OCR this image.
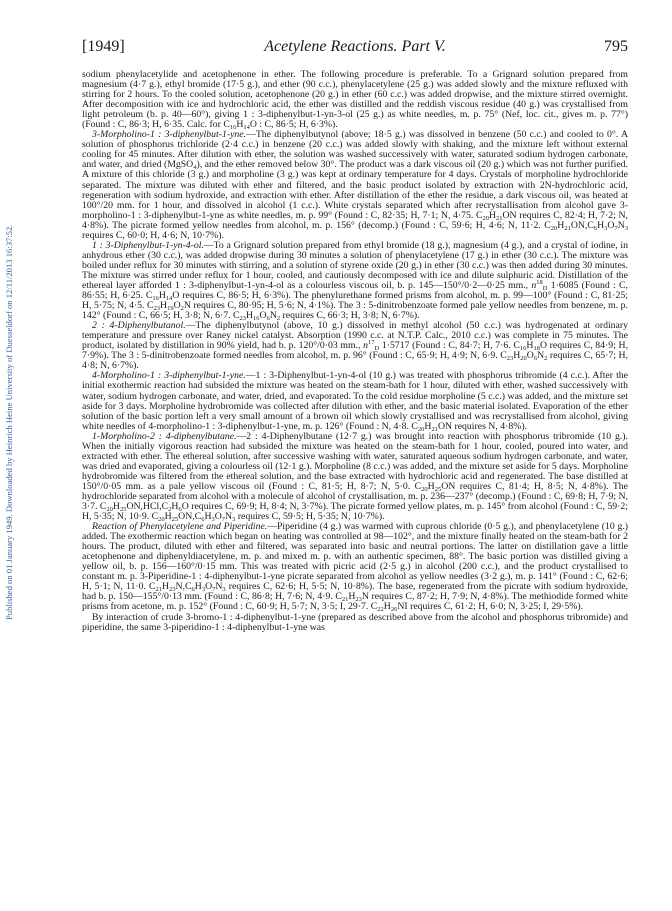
Published on 01 January 1949. Downloaded by Heinrich Heine University of Duesseldorf on 12/11/2013 16:37:52.
[1949]	Acetylene Reactions. Part V.	795

sodium phenylacetylide and acetophenone in ether. The following procedure is preferable. To a Grignard solution prepared from magnesium (4·7 g.), ethyl bromide (17·5 g.), and ether (90 c.c.), phenylacetylene (25 g.) was added slowly and the mixture refluxed with stirring for 2 hours. To the cooled solution, acetophenone (20 g.) in ether (60 c.c.) was added dropwise, and the mixture stirred overnight. After decomposition with ice and hydrochloric acid, the ether was distilled and the reddish viscous residue (40 g.) was crystallised from light petroleum (b. p. 40—60°), giving 1 : 3-diphenylbut-1-yn-3-ol (25 g.) as white needles, m. p. 75° (Nef, loc. cit., gives m. p. 77°) (Found : C, 86·3; H, 6·35. Calc. for $C_{16}H_{14}O$ : C, 86·5; H, 6·3%).

3-Morpholino-1 : 3-diphenylbut-1-yne.—The diphenylbutynol (above; 18·5 g.) was dissolved in benzene (50 c.c.) and cooled to 0°. A solution of phosphorus trichloride (2·4 c.c.) in benzene (20 c.c.) was added slowly with shaking, and the mixture left without external cooling for 45 minutes. After dilution with ether, the solution was washed successively with water, saturated sodium hydrogen carbonate, and water, and dried (MgSO$_4$), and the ether removed below 30°. The product was a dark viscous oil (20 g.) which was not further purified. A mixture of this chloride (3 g.) and morpholine (3 g.) was kept at ordinary temperature for 4 days. Crystals of morpholine hydrochloride separated. The mixture was diluted with ether and filtered, and the basic product isolated by extraction with 2N-hydrochloric acid, regeneration with sodium hydroxide, and extraction with ether. After distillation of the ether the residue, a dark viscous oil, was heated at 100°/20 mm. for 1 hour, and dissolved in alcohol (1 c.c.). White crystals separated which after recrystallisation from alcohol gave 3-morpholino-1 : 3-diphenylbut-1-yne as white needles, m. p. 99° (Found : C, 82·35; H, 7·1; N, 4·75. $C_{20}H_{21}ON$ requires C, 82·4; H, 7·2; N, 4·8%). The picrate formed yellow needles from alcohol, m. p. 156° (decomp.) (Found : C, 59·6; H, 4·6; N, 11·2. $C_{20}H_{21}ON,C_6H_3O_7N_3$ requires C, 60·0; H, 4·6; N, 10·7%).

1 : 3-Diphenylbut-1-yn-4-ol.—To a Grignard solution prepared from ethyl bromide (18 g.), magnesium (4 g.), and a crystal of iodine, in anhydrous ether (30 c.c.), was added dropwise during 30 minutes a solution of phenylacetylene (17 g.) in ether (30 c.c.). The mixture was boiled under reflux for 30 minutes with stirring, and a solution of styrene oxide (20 g.) in ether (30 c.c.) was then added during 30 minutes. The mixture was stirred under reflux for 1 hour, cooled, and cautiously decomposed with ice and dilute sulphuric acid. Distillation of the ethereal layer afforded 1 : 3-diphenylbut-1-yn-4-ol as a colourless viscous oil, b. p. 145—150°/0·2—0·25 mm., $n^{18}_D$ 1·6085 (Found : C, 86·55; H, 6·25. $C_{16}H_{14}O$ requires C, 86·5; H, 6·3%). The phenylurethane formed prisms from alcohol, m. p. 99—100° (Found : C, 81·25; H, 5·75; N, 4·5. $C_{23}H_{19}O_2N$ requires C, 80·95; H, 5·6; N, 4·1%). The 3 : 5-dinitrobenzoate formed pale yellow needles from benzene, m. p. 142° (Found : C, 66·5; H, 3·8; N, 6·7. $C_{23}H_{16}O_6N_2$ requires C, 66·3; H, 3·8; N, 6·7%).

2 : 4-Diphenylbutanol.—The diphenylbutynol (above, 10 g.) dissolved in methyl alcohol (50 c.c.) was hydrogenated at ordinary temperature and pressure over Raney nickel catalyst. Absorption (1990 c.c. at N.T.P. Calc., 2010 c.c.) was complete in 75 minutes. The product, isolated by distillation in 90% yield, had b. p. 120°/0·03 mm., $n^{17}_D$ 1·5717 (Found : C, 84·7; H, 7·6. $C_{16}H_{18}O$ requires C, 84·9; H, 7·9%). The 3 : 5-dinitrobenzoate formed needles from alcohol, m. p. 96° (Found : C, 65·9; H, 4·9; N, 6·9. $C_{23}H_{20}O_6N_2$ requires C, 65·7; H, 4·8; N, 6·7%).

4-Morpholino-1 : 3-diphenylbut-1-yne.—1 : 3-Diphenylbut-1-yn-4-ol (10 g.) was treated with phosphorus tribromide (4 c.c.). After the initial exothermic reaction had subsided the mixture was heated on the steam-bath for 1 hour, diluted with ether, washed successively with water, sodium hydrogen carbonate, and water, dried, and evaporated. To the cold residue morpholine (5 c.c.) was added, and the mixture set aside for 3 days. Morpholine hydrobromide was collected after dilution with ether, and the basic material isolated. Evaporation of the ether solution of the basic portion left a very small amount of a brown oil which slowly crystallised and was recrystallised from alcohol, giving white needles of 4-morpholino-1 : 3-diphenylbut-1-yne, m. p. 126° (Found : N, 4·8. $C_{20}H_{21}ON$ requires N, 4·8%).

1-Morpholino-2 : 4-diphenylbutane.—2 : 4-Diphenylbutane (12·7 g.) was brought into reaction with phosphorus tribromide (10 g.). When the initially vigorous reaction had subsided the mixture was heated on the steam-bath for 1 hour, cooled, poured into water, and extracted with ether. The ethereal solution, after successive washing with water, saturated aqueous sodium hydrogen carbonate, and water, was dried and evaporated, giving a colourless oil (12·1 g.). Morpholine (8 c.c.) was added, and the mixture set aside for 5 days. Morpholine hydrobromide was filtered from the ethereal solution, and the base extracted with hydrochloric acid and regenerated. The base distilled at 150°/0·05 mm. as a pale yellow viscous oil (Found : C, 81·5; H, 8·7; N, 5·0. $C_{20}H_{25}ON$ requires C, 81·4; H, 8·5; N, 4·8%). The hydrochloride separated from alcohol with a molecule of alcohol of crystallisation, m. p. 236—237° (decomp.) (Found : C, 69·8; H, 7·9; N, 3·7. $C_{20}H_{25}ON,HCl,C_2H_6O$ requires C, 69·9; H, 8·4; N, 3·7%). The picrate formed yellow plates, m. p. 145° from alcohol (Found : C, 59·2; H, 5·35; N, 10·9. $C_{20}H_{25}ON,C_6H_3O_7N_3$ requires C, 59·5; H, 5·35; N, 10·7%).

Reaction of Phenylacetylene and Piperidine.—Piperidine (4 g.) was warmed with cuprous chloride (0·5 g.), and phenylacetylene (10 g.) added. The exothermic reaction which began on heating was controlled at 98—102°, and the mixture finally heated on the steam-bath for 2 hours. The product, diluted with ether and filtered, was separated into basic and neutral portions. The latter on distillation gave a little acetophenone and diphenyldiacetylene, m. p. and mixed m. p. with an authentic specimen, 88°. The basic portion was distilled giving a yellow oil, b. p. 156—160°/0·15 mm. This was treated with picric acid (2·5 g.) in alcohol (200 c.c.), and the product crystallised to constant m. p. 3-Piperidine-1 : 4-diphenylbut-1-yne picrate separated from alcohol as yellow needles (3·2 g.), m. p. 141° (Found : C, 62·6; H, 5·1; N, 11·0. $C_{21}H_{23}N,C_6H_3O_7N_3$ requires C, 62·6; H, 5·5; N, 10·8%). The base, regenerated from the picrate with sodium hydroxide, had b. p. 150—155°/0·13 mm. (Found : C, 86·8; H, 7·6; N, 4·9. $C_{21}H_{23}N$ requires C, 87·2; H, 7·9; N, 4·8%). The methiodide formed white prisms from acetone, m. p. 152° (Found : C, 60·9; H, 5·7; N, 3·5; I, 29·7. $C_{22}H_{26}NI$ requires C, 61·2; H, 6·0; N, 3·25; I, 29·5%).

By interaction of crude 3-bromo-1 : 4-diphenylbut-1-yne (prepared as described above from the alcohol and phosphorus tribromide) and piperidine, the same 3-piperidino-1 : 4-diphenylbut-1-yne was
